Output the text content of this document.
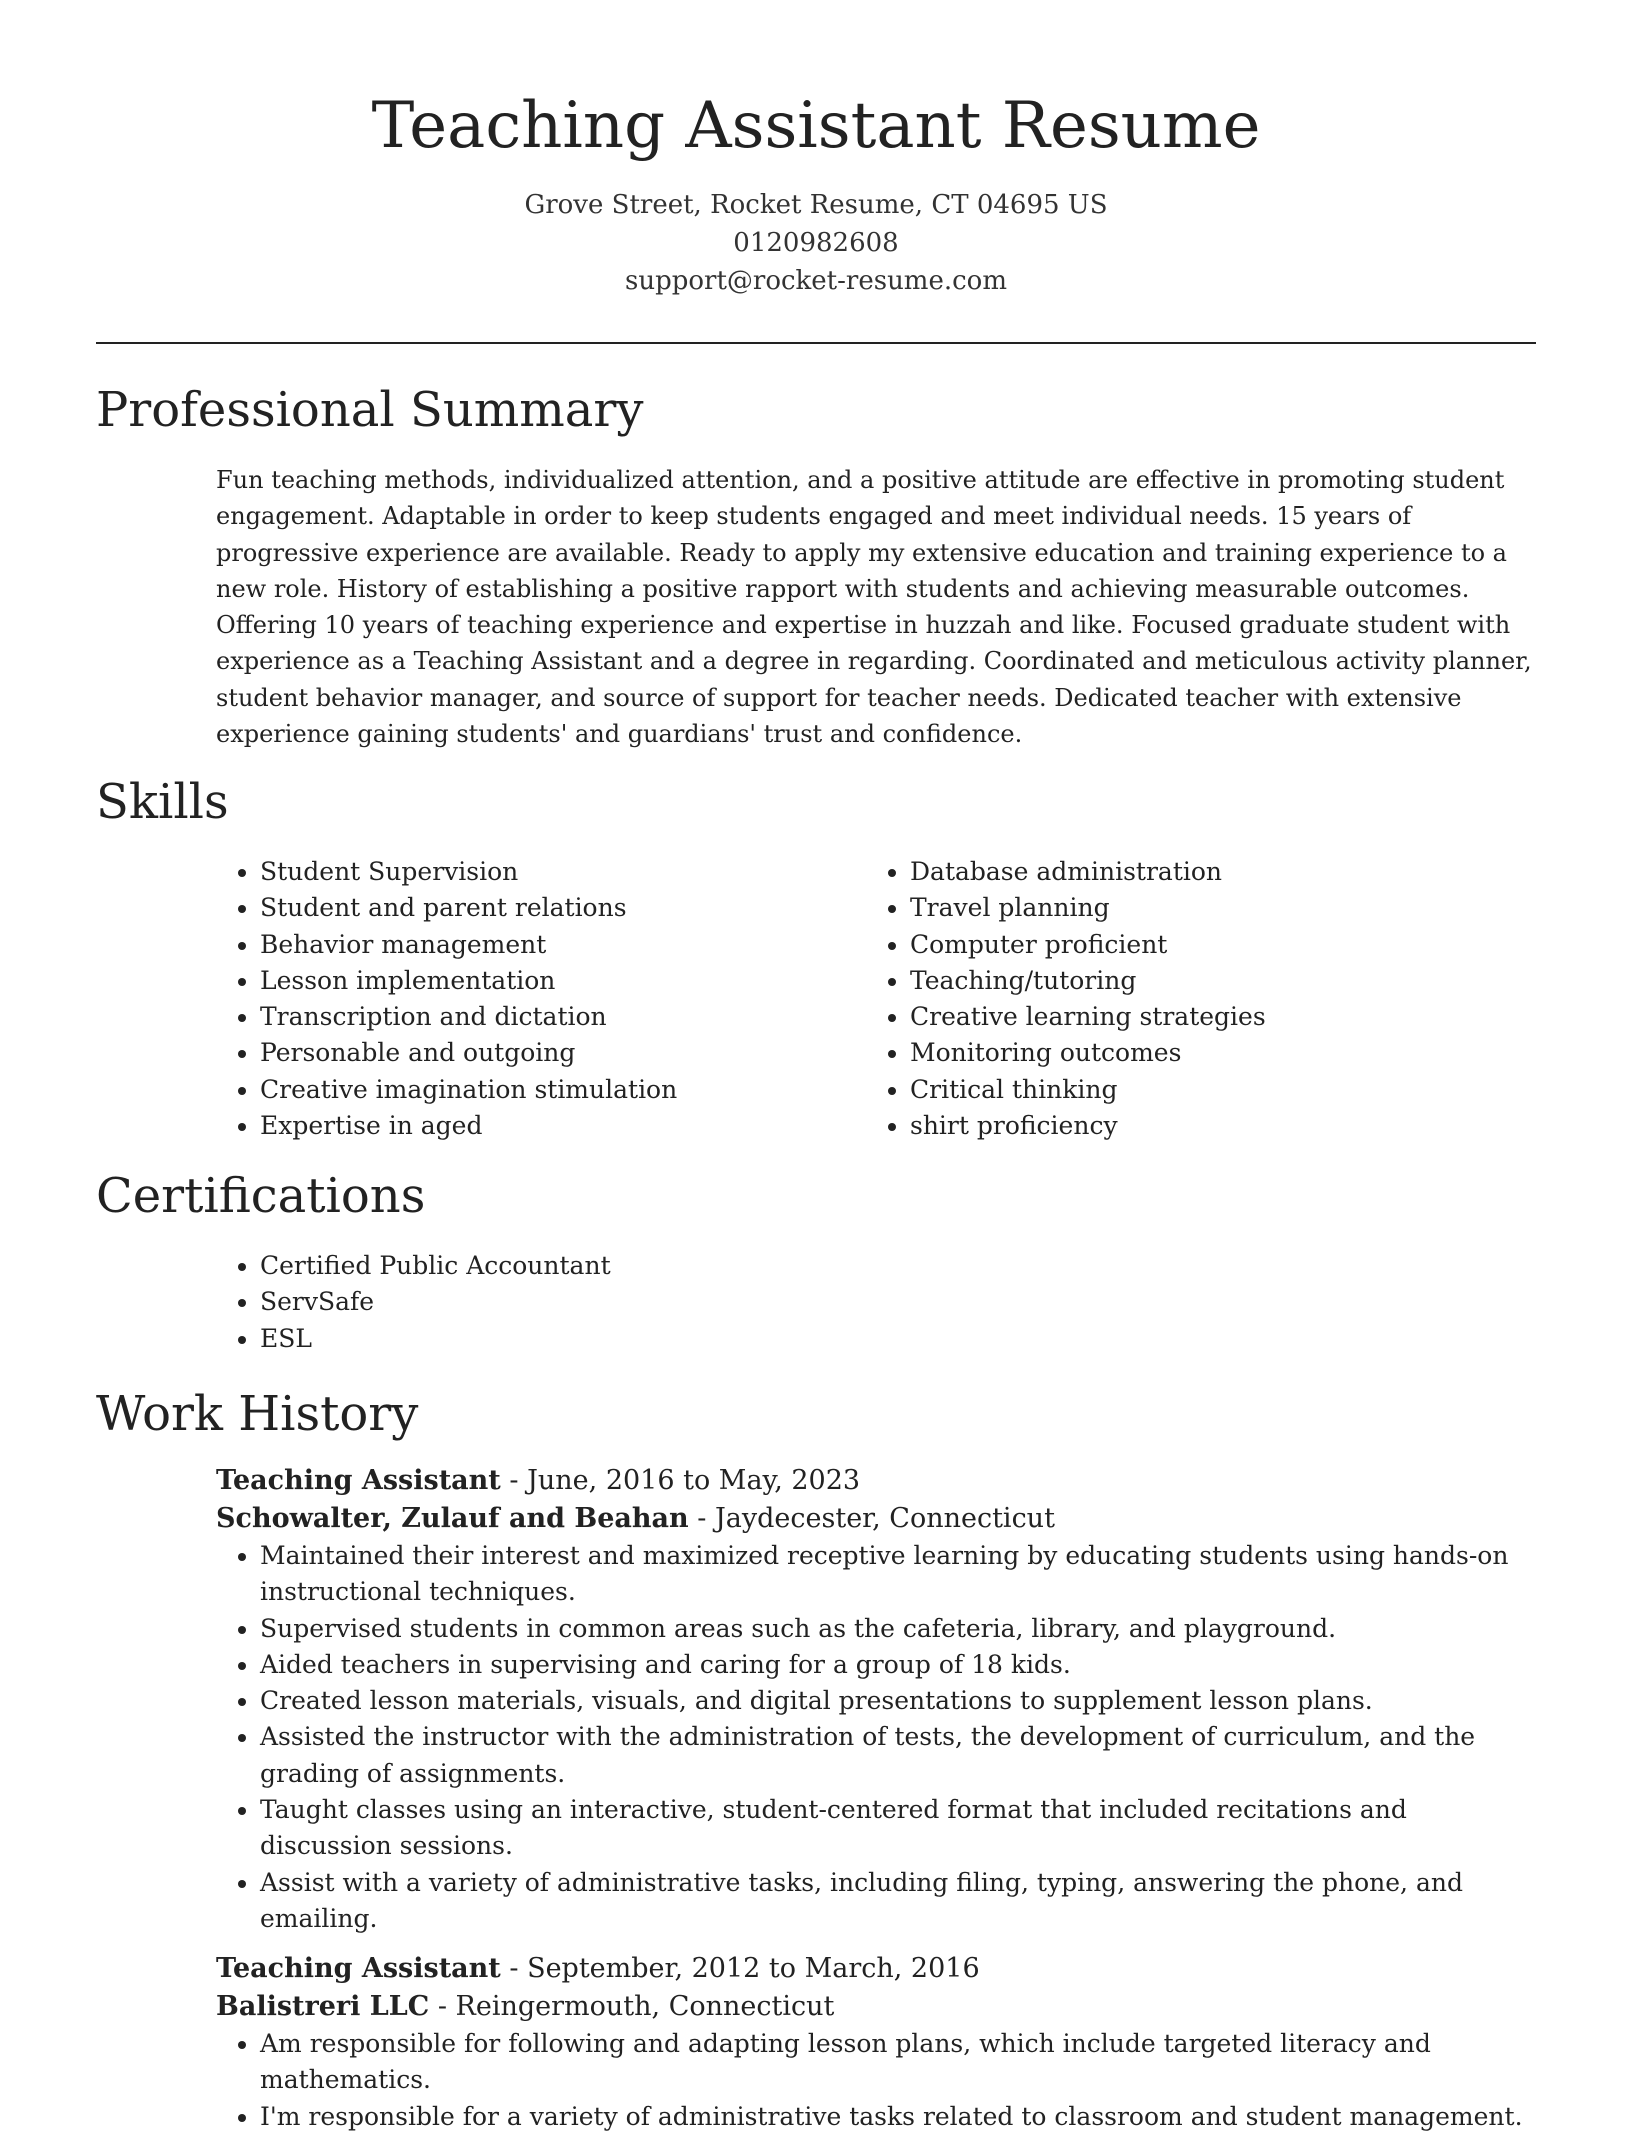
Teaching Assistant Resume
Grove Street, Rocket Resume, CT 04695 US
0120982608
support@rocket-resume.com
Professional Summary

Fun teaching methods, individualized attention, and a positive attitude are effective in promoting student engagement. Adaptable in order to keep students engaged and meet individual needs. 15 years of progressive experience are available. Ready to apply my extensive education and training experience to a new role. History of establishing a positive rapport with students and achieving measurable outcomes. Offering 10 years of teaching experience and expertise in huzzah and like. Focused graduate student with experience as a Teaching Assistant and a degree in regarding. Coordinated and meticulous activity planner, student behavior manager, and source of support for teacher needs. Dedicated teacher with extensive experience gaining students' and guardians' trust and confidence.

Skills
• Student Supervision
• Student and parent relations
• Behavior management
• Lesson implementation
• Transcription and dictation
• Personable and outgoing
• Creative imagination stimulation
• Expertise in aged
• Database administration
• Travel planning
• Computer proficient
• Teaching/tutoring
• Creative learning strategies
• Monitoring outcomes
• Critical thinking
• shirt proficiency
Certifications
• Certified Public Accountant
• ServSafe
• ESL
Work History
Teaching Assistant - June, 2016 to May, 2023
Schowalter, Zulauf and Beahan - Jaydecester, Connecticut
• Maintained their interest and maximized receptive learning by educating students using hands-on instructional techniques.
• Supervised students in common areas such as the cafeteria, library, and playground.
• Aided teachers in supervising and caring for a group of 18 kids.
• Created lesson materials, visuals, and digital presentations to supplement lesson plans.
• Assisted the instructor with the administration of tests, the development of curriculum, and the grading of assignments.
• Taught classes using an interactive, student-centered format that included recitations and discussion sessions.
• Assist with a variety of administrative tasks, including filing, typing, answering the phone, and emailing.
Teaching Assistant - September, 2012 to March, 2016
Balistreri LLC - Reingermouth, Connecticut
• Am responsible for following and adapting lesson plans, which include targeted literacy and mathematics.
• I'm responsible for a variety of administrative tasks related to classroom and student management.
